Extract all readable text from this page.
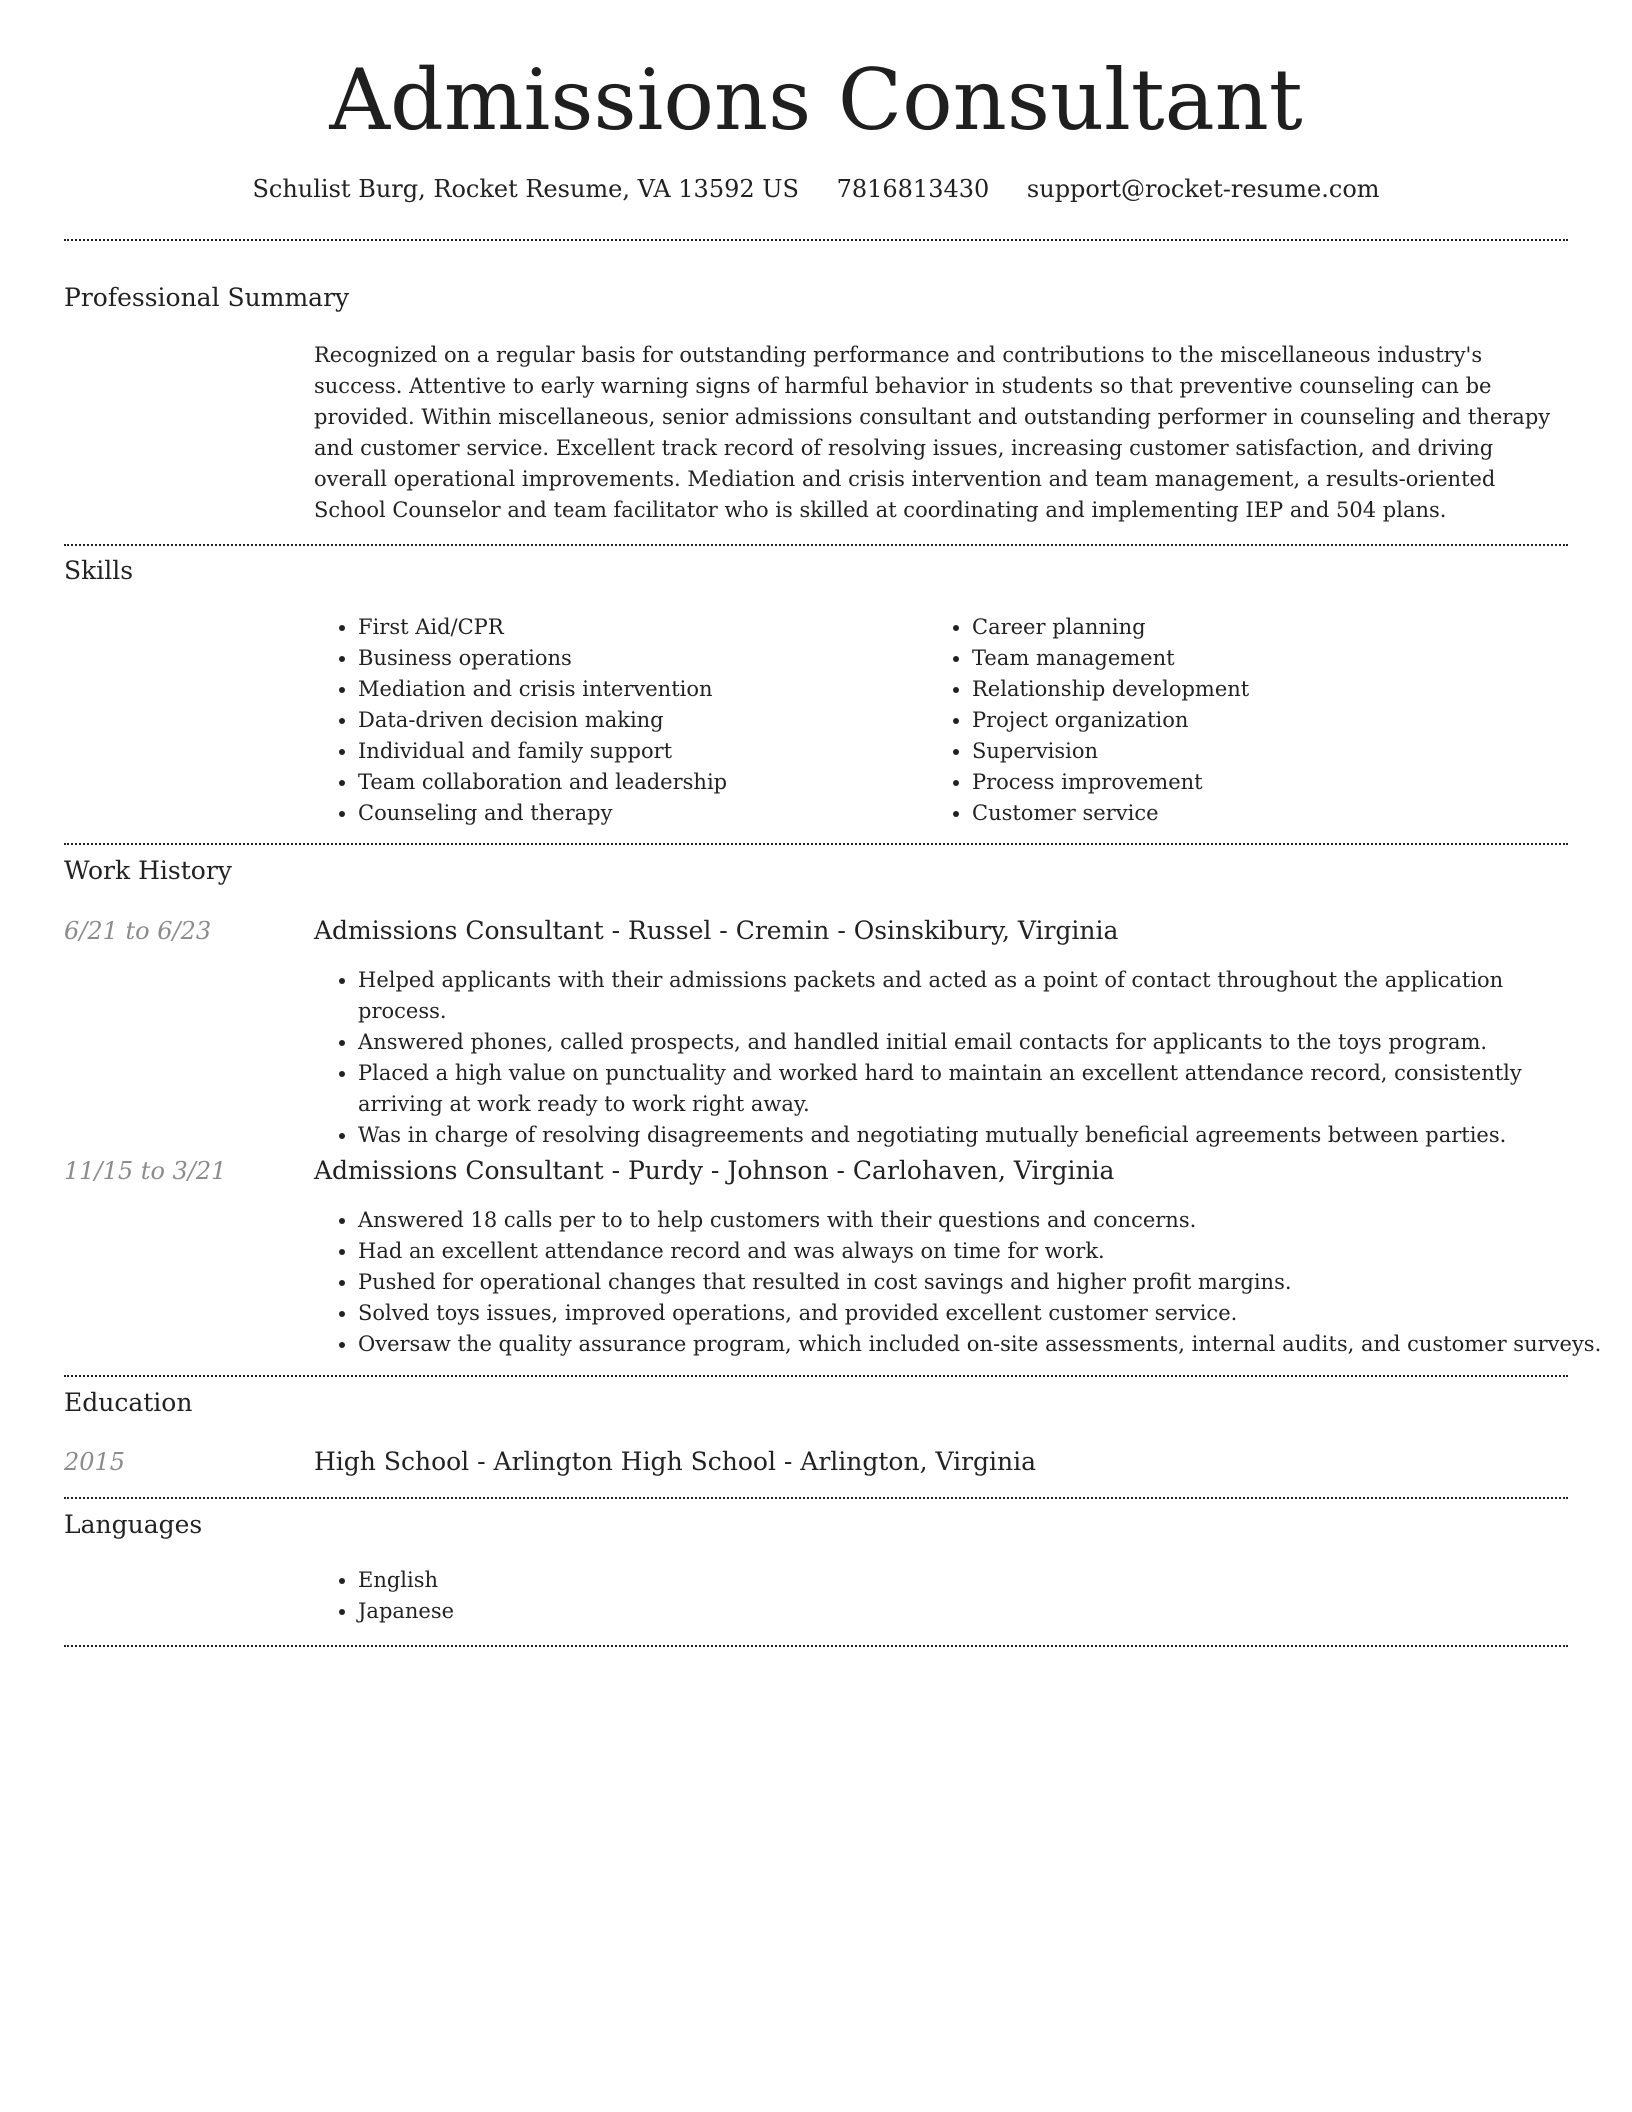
Admissions Consultant
Schulist Burg, Rocket Resume, VA 13592 US 7816813430 support@rocket-resume.com
Professional Summary

Recognized on a regular basis for outstanding performance and contributions to the miscellaneous industry's success. Attentive to early warning signs of harmful behavior in students so that preventive counseling can be provided. Within miscellaneous, senior admissions consultant and outstanding performer in counseling and therapy and customer service. Excellent track record of resolving issues, increasing customer satisfaction, and driving overall operational improvements. Mediation and crisis intervention and team management, a results-oriented School Counselor and team facilitator who is skilled at coordinating and implementing IEP and 504 plans.

Skills
• First Aid/CPR
• Business operations
• Mediation and crisis intervention
• Data-driven decision making
• Individual and family support
• Team collaboration and leadership
• Counseling and therapy
• Career planning
• Team management
• Relationship development
• Project organization
• Supervision
• Process improvement
• Customer service
Work History
6/21 to 6/23	Admissions Consultant - Russel - Cremin - Osinskibury, Virginia
• Helped applicants with their admissions packets and acted as a point of contact throughout the application process.
• Answered phones, called prospects, and handled initial email contacts for applicants to the toys program.
• Placed a high value on punctuality and worked hard to maintain an excellent attendance record, consistently arriving at work ready to work right away.
• Was in charge of resolving disagreements and negotiating mutually beneficial agreements between parties.
11/15 to 3/21	Admissions Consultant - Purdy - Johnson - Carlohaven, Virginia
• Answered 18 calls per to to help customers with their questions and concerns.
• Had an excellent attendance record and was always on time for work.
• Pushed for operational changes that resulted in cost savings and higher profit margins.
• Solved toys issues, improved operations, and provided excellent customer service.
• Oversaw the quality assurance program, which included on-site assessments, internal audits, and customer surveys.
Education
2015	High School - Arlington High School - Arlington, Virginia
Languages
• English
• Japanese
